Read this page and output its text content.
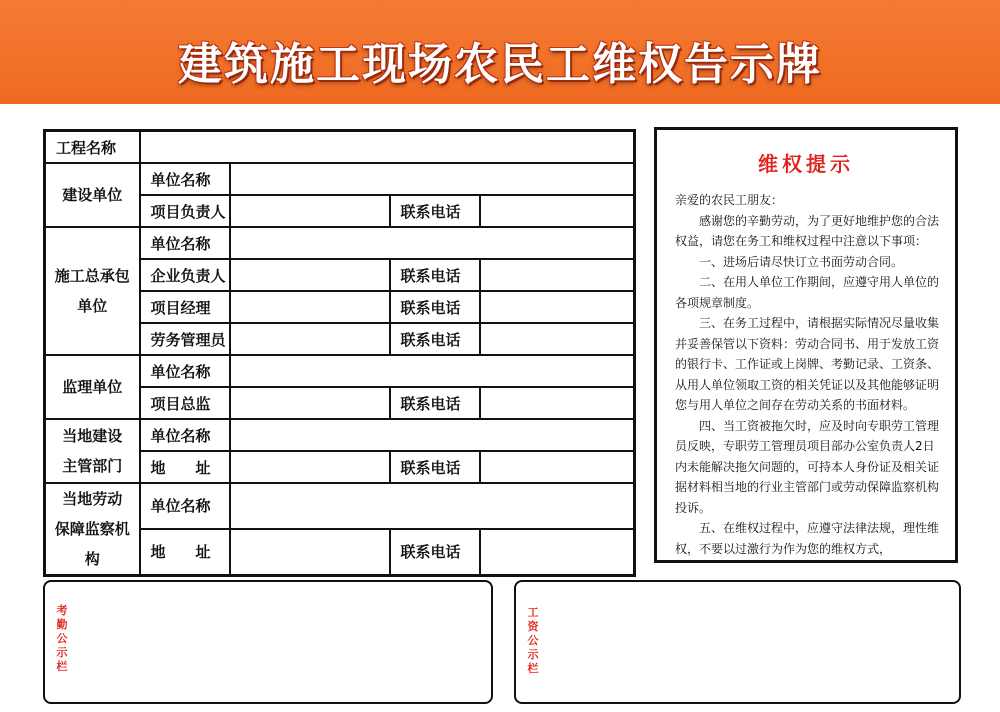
建筑施工现场农民工维权告示牌
工程名称				
建设单位	单位名称			
	项目负责人		联系电话	
施工总承包单位	单位名称			
	企业负责人		联系电话	
	项目经理		联系电话	
	劳务管理员		联系电话	
监理单位	单位名称			
	项目总监		联系电话	
当地建设
主管部门	单位名称			
	地　　址		联系电话	
当地劳动
保障监察机构	单位名称			
	地　　址		联系电话	
维权提示

亲爱的农民工朋友：

感谢您的辛勤劳动，为了更好地维护您的合法权益，请您在务工和维权过程中注意以下事项：

一、进场后请尽快订立书面劳动合同。

二、在用人单位工作期间，应遵守用人单位的各项规章制度。

三、在务工过程中，请根据实际情况尽量收集并妥善保管以下资料：劳动合同书、用于发放工资的银行卡、工作证或上岗牌、考勤记录、工资条、从用人单位领取工资的相关凭证以及其他能够证明您与用人单位之间存在劳动关系的书面材料。

四、当工资被拖欠时，应及时向专职劳工管理员反映，专职劳工管理员项目部办公室负责人2日内未能解决拖欠问题的，可持本人身份证及相关证据材料相当地的行业主管部门或劳动保障监察机构投诉。

五、在维权过程中，应遵守法律法规，理性维权，不要以过激行为作为您的维权方式，

考勤公示栏
工资公示栏
